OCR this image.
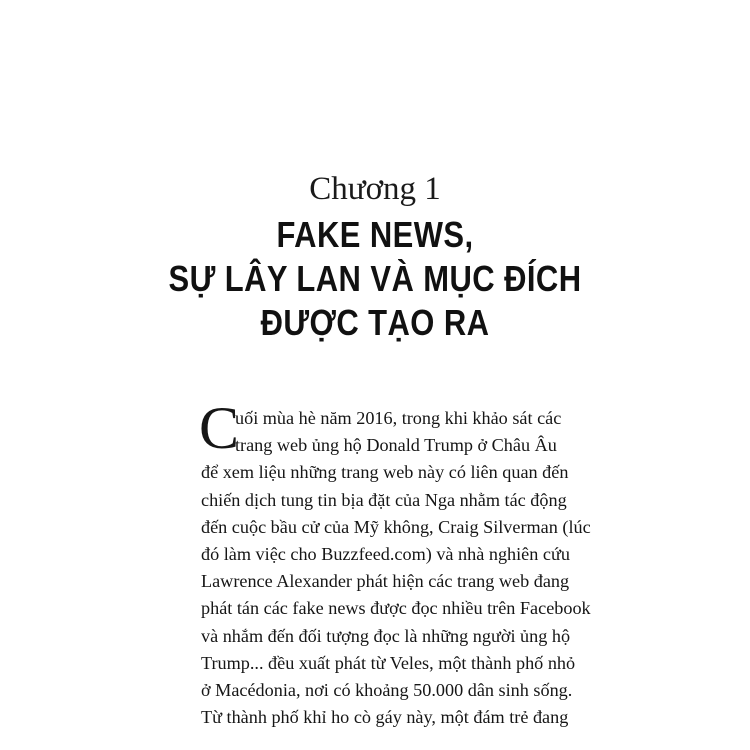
Chương 1
FAKE NEWS,
SỰ LÂY LAN VÀ MỤC ĐÍCH
ĐƯỢC TẠO RA
C
uối mùa hè năm 2016, trong khi khảo sát các
trang web ủng hộ Donald Trump ở Châu Âu
để xem liệu những trang web này có liên quan đến
chiến dịch tung tin bịa đặt của Nga nhằm tác động
đến cuộc bầu cử của Mỹ không, Craig Silverman (lúc
đó làm việc cho Buzzfeed.com) và nhà nghiên cứu
Lawrence Alexander phát hiện các trang web đang
phát tán các fake news được đọc nhiều trên Facebook
và nhắm đến đối tượng đọc là những người ủng hộ
Trump... đều xuất phát từ Veles, một thành phố nhỏ
ở Macédonia, nơi có khoảng 50.000 dân sinh sống.
Từ thành phố khỉ ho cò gáy này, một đám trẻ đang
